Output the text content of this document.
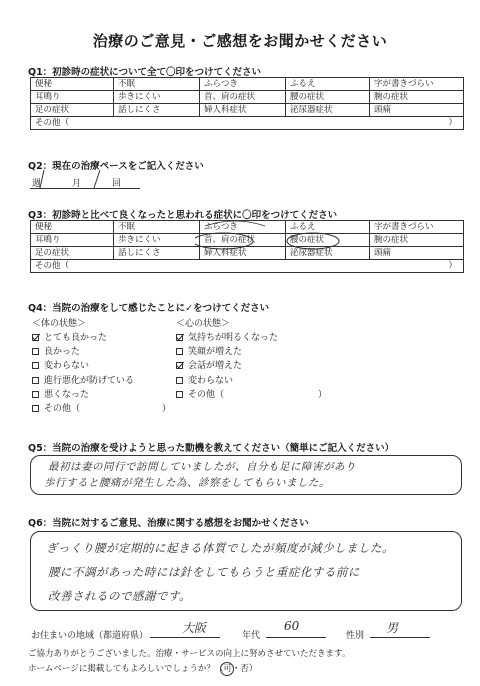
治療のご意見・ご感想をお聞かせください
Q1：初診時の症状について全て〇印をつけてください
便秘	不眠	ふらつき	ふるえ	字が書きづらい
耳鳴り	歩きにくい	首、肩の症状	腰の症状	腕の症状
足の症状	話しにくさ	婦人科症状	泌尿器症状	頭痛
その他（ ）				
Q2：現在の治療ペースをご記入ください
週	月	回
Q3：初診時と比べて良くなったと思われる症状に〇印をつけてください
便秘	不眠	ふらつき	ふるえ	字が書きづらい
耳鳴り	歩きにくい	首、肩の症状	腰の症状	腕の症状
足の症状	話しにくさ	婦人科症状	泌尿器症状	頭痛
その他（ ）				
Q4：当院の治療をして感じたことに✓をつけてください
＜体の状態＞
とても良かった
良かった
変わらない
進行悪化が防げている
悪くなった
その他（	）
＜心の状態＞
気持ちが明るくなった
笑顔が増えた
会話が増えた
変わらない
その他（	）
Q5：当院の治療を受けようと思った動機を教えてください（簡単にご記入ください）
最初は妻の同行で訪問していましたが、自分も足に障害があり
歩行すると腰痛が発生した為、診察をしてもらいました。
Q6：当院に対するご意見、治療に関する感想をお聞かせください
ぎっくり腰が定期的に起きる体質でしたが頻度が減少しました。
腰に不調があった時には針をしてもらうと重症化する前に
改善されるので感謝です。
お住まいの地域（都道府県）
大阪
年代
60
性別
男
ご協力ありがとうございました。治療・サービスの向上に努めさせていただきます。
ホームページに掲載してもよろしいでしょうか？（可
・否）
